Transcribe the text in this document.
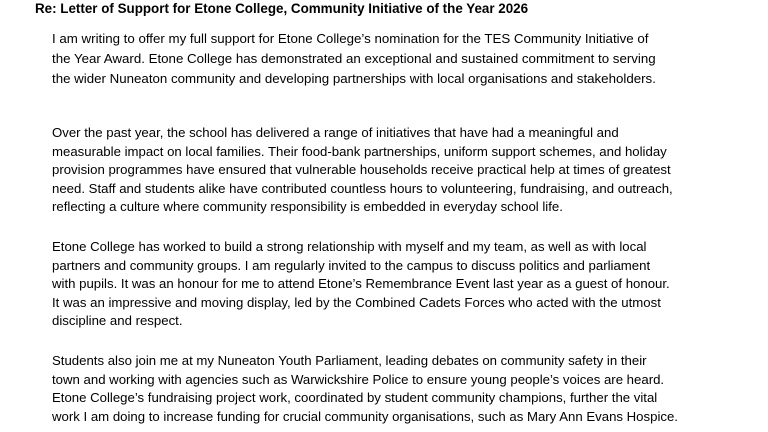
Re: Letter of Support for Etone College, Community Initiative of the Year 2026
I am writing to offer my full support for Etone College’s nomination for the TES Community Initiative of
the Year Award. Etone College has demonstrated an exceptional and sustained commitment to serving
the wider Nuneaton community and developing partnerships with local organisations and stakeholders.
Over the past year, the school has delivered a range of initiatives that have had a meaningful and
measurable impact on local families. Their food-bank partnerships, uniform support schemes, and holiday
provision programmes have ensured that vulnerable households receive practical help at times of greatest
need. Staff and students alike have contributed countless hours to volunteering, fundraising, and outreach,
reflecting a culture where community responsibility is embedded in everyday school life.
Etone College has worked to build a strong relationship with myself and my team, as well as with local
partners and community groups. I am regularly invited to the campus to discuss politics and parliament
with pupils. It was an honour for me to attend Etone’s Remembrance Event last year as a guest of honour.
It was an impressive and moving display, led by the Combined Cadets Forces who acted with the utmost
discipline and respect.
Students also join me at my Nuneaton Youth Parliament, leading debates on community safety in their
town and working with agencies such as Warwickshire Police to ensure young people’s voices are heard.
Etone College’s fundraising project work, coordinated by student community champions, further the vital
work I am doing to increase funding for crucial community organisations, such as Mary Ann Evans Hospice.
